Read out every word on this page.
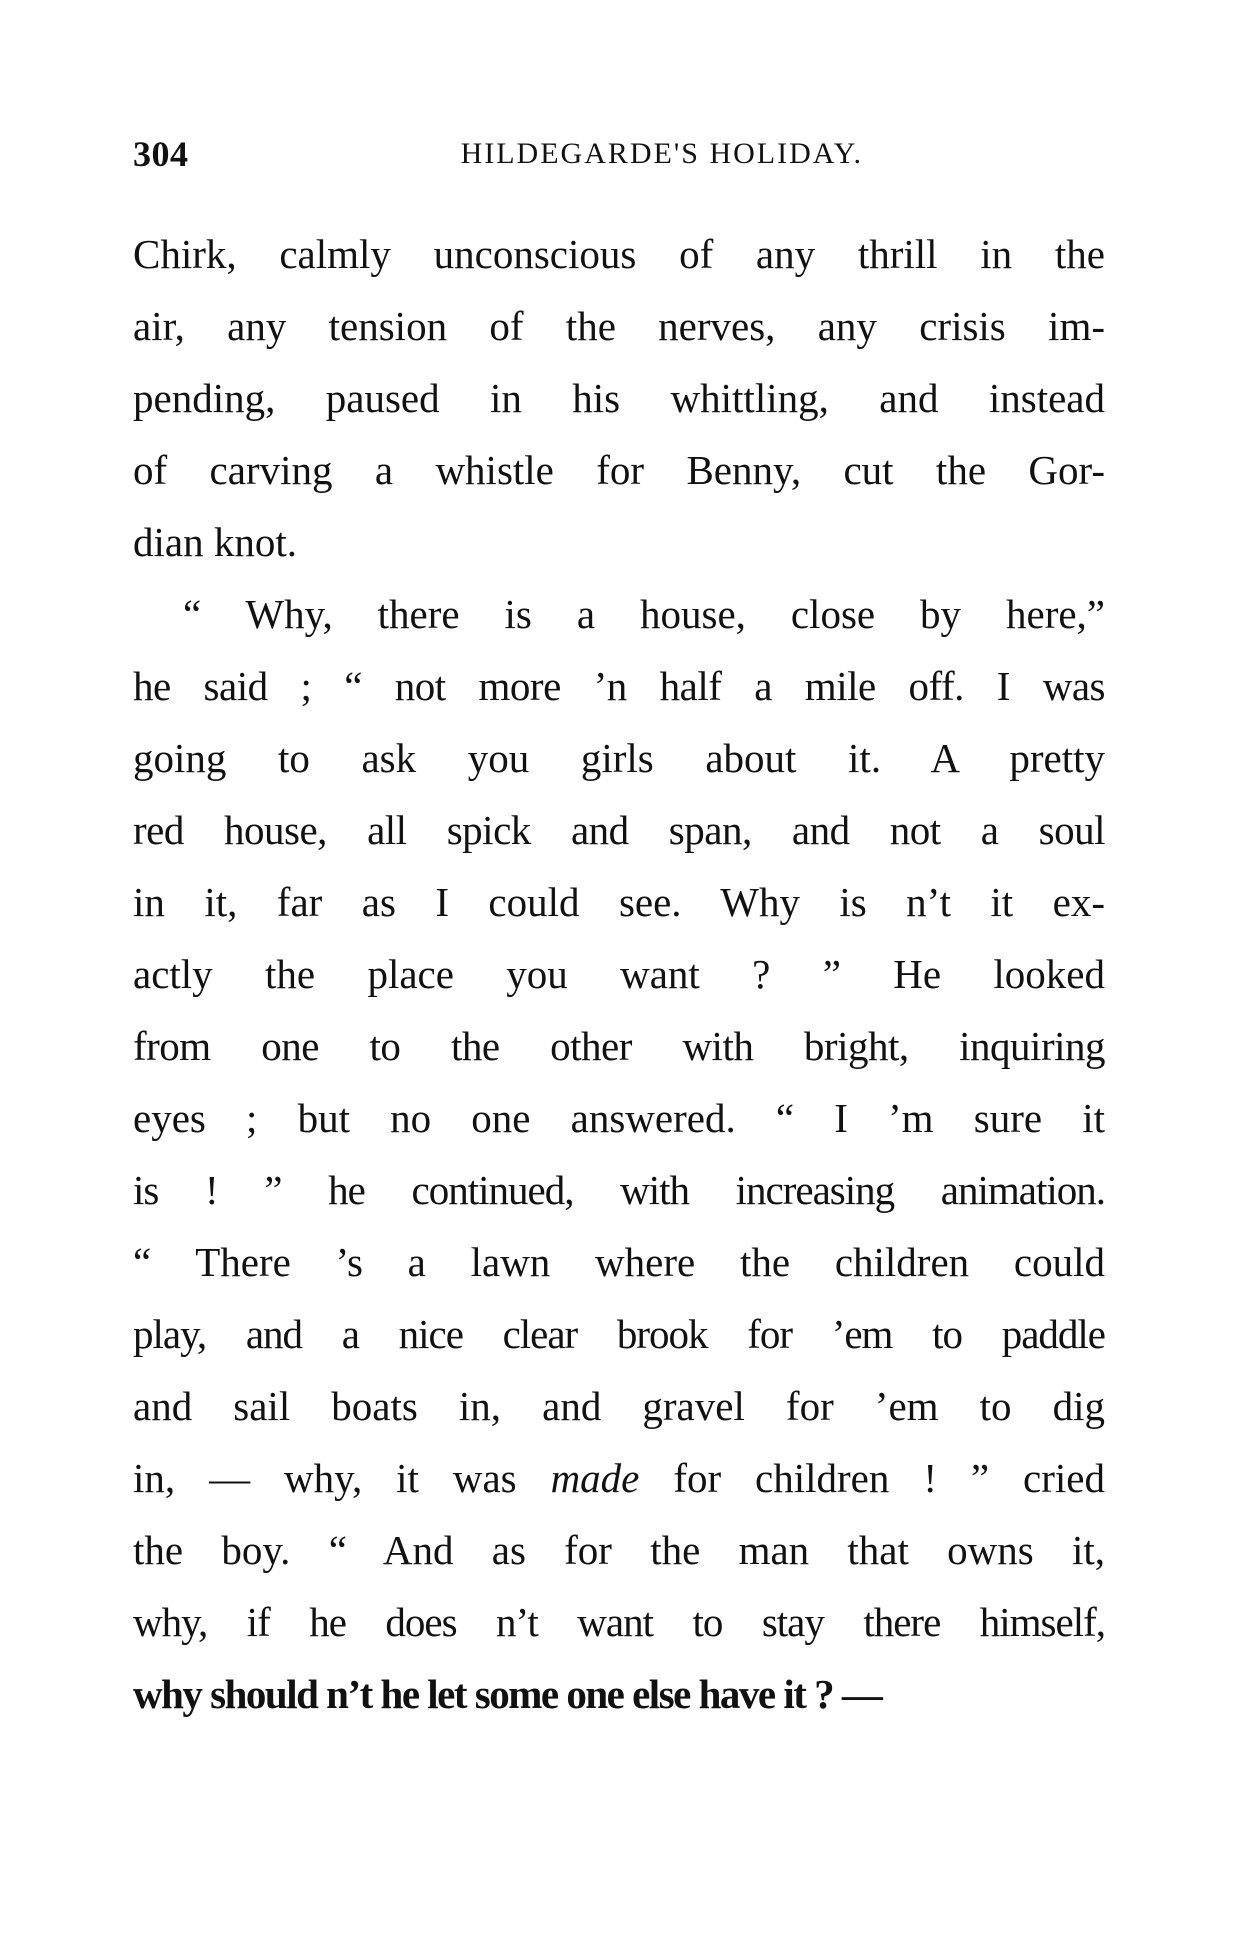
304	HILDEGARDE'S HOLIDAY.
Chirk, calmly unconscious of any thrill in the
air, any tension of the nerves, any crisis im-
pending, paused in his whittling, and instead
of carving a whistle for Benny, cut the Gor-
dian knot.
“ Why, there is a house, close by here,”
he said ; “ not more ’n half a mile off. I was
going to ask you girls about it. A pretty
red house, all spick and span, and not a soul
in it, far as I could see. Why is n’t it ex-
actly the place you want ? ” He looked
from one to the other with bright, inquiring
eyes ; but no one answered. “ I ’m sure it
is ! ” he continued, with increasing animation.
“ There ’s a lawn where the children could
play, and a nice clear brook for ’em to paddle
and sail boats in, and gravel for ’em to dig
in, — why, it was made for children ! ” cried
the boy. “ And as for the man that owns it,
why, if he does n’t want to stay there himself,
why should n’t he let some one else have it ? —
